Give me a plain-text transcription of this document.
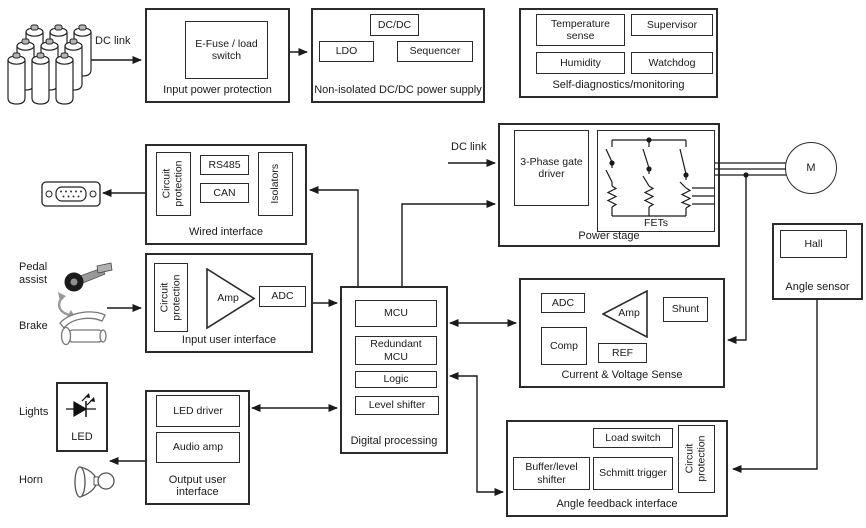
DC link
DC link
Pedal assist
Brake
Lights
Horn
E-Fuse / load switch
Input power protection
DC/DC
LDO	Sequencer
Non-isolated DC/DC power supply
Temperature sense
Supervisor
Humidity	Watchdog
Self-diagnostics/monitoring
Circuit protection RS485
CAN	Isolators
Wired interface
Circuit protection	Amp	ADC
Input user interface
LED driver
Audio amp
Output user interface
MCU
Redundant MCU
Logic
Level shifter
Digital processing
3-Phase gate driver
FETs
Power stage
ADC
Amp	Shunt
Comp
REF
Current & Voltage Sense
Load switch
Buffer/level shifter
Schmitt trigger Circuit protection
Angle feedback interface
Hall
Angle sensor
LED
M
